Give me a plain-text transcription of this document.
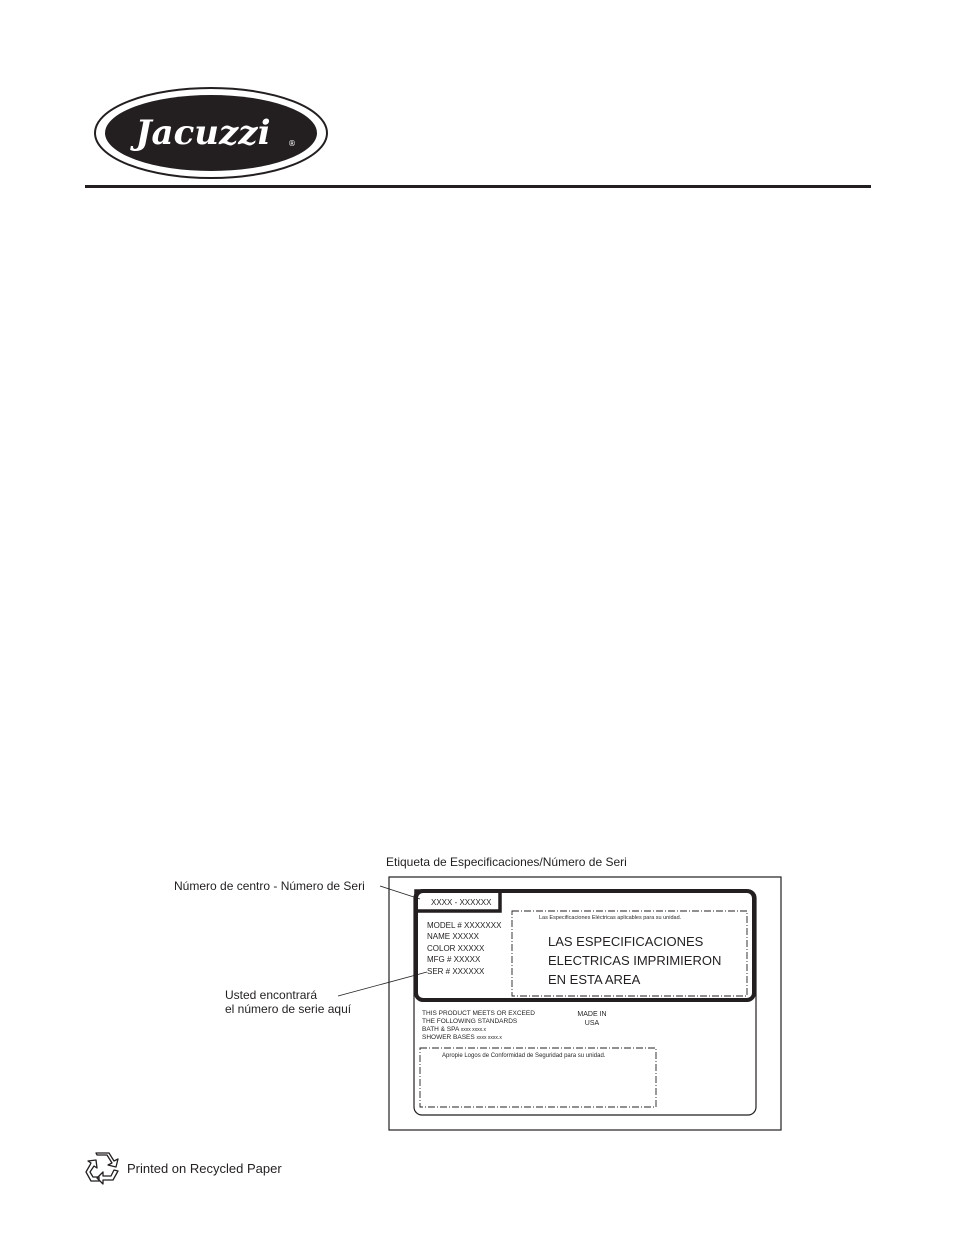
Jacuzzi ®
Etiqueta de Especificaciones/Número de Seri
XXXX - XXXXXX
MODEL # XXXXXXX
NAME XXXXX
COLOR XXXXX
MFG # XXXXX
SER # XXXXXX
Las Especificaciones Eléctricas aplicables para su unidad.
LAS ESPECIFICACIONES
ELECTRICAS IMPRIMIERON
EN ESTA AREA
THIS PRODUCT MEETS OR EXCEED
THE FOLLOWING STANDARDS
BATH & SPA xxxx xxxx.x
SHOWER BASES xxxx xxxx.x
MADE IN
USA
Apropie Logos de Conformidad de Seguridad para su unidad.
Número de centro - Número de Seri
Usted encontrará
el número de serie aquí
Printed on Recycled Paper
